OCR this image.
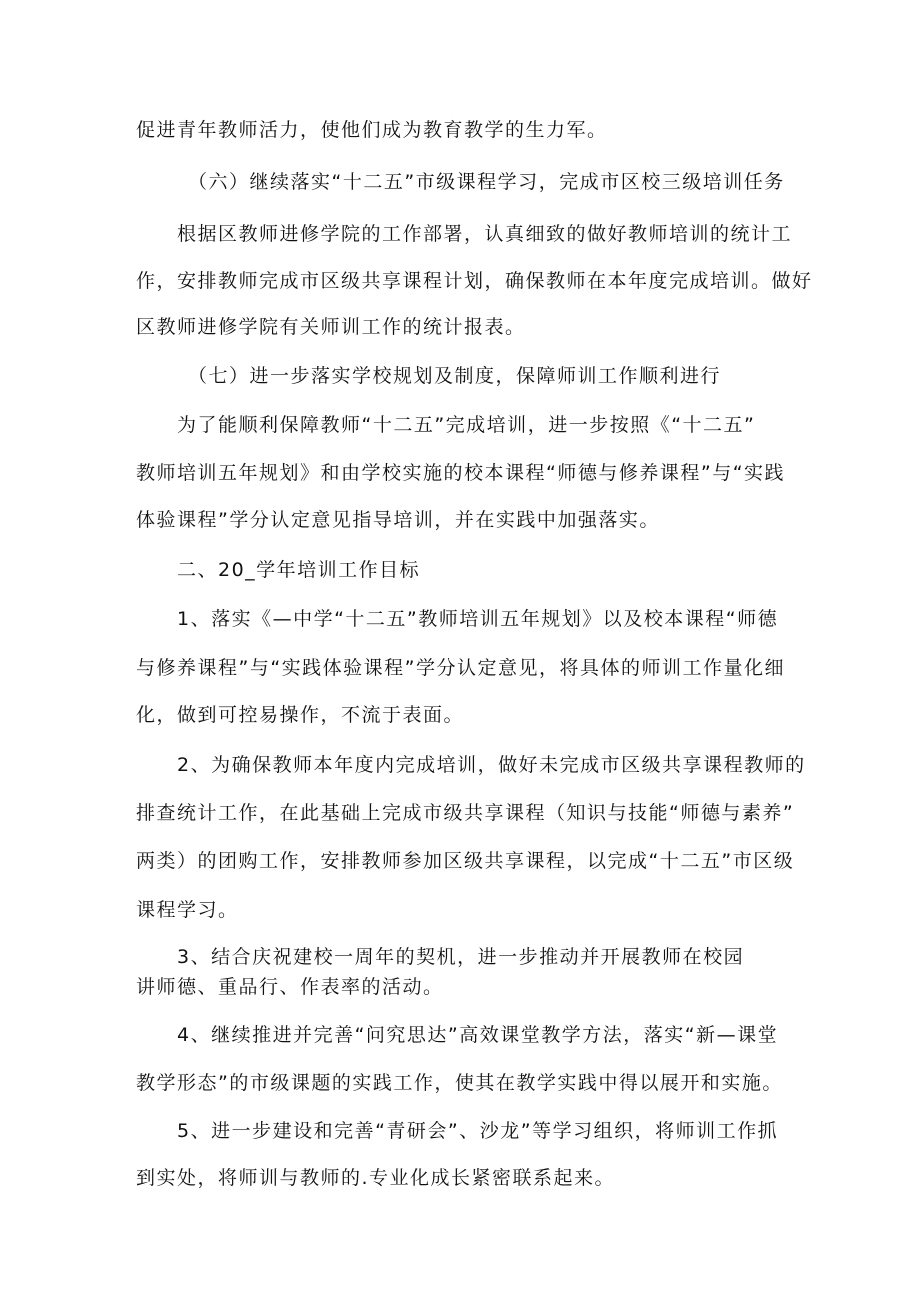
促进青年教师活力，使他们成为教育教学的生力军。
（六）继续落实“十二五”市级课程学习，完成市区校三级培训任务
根据区教师进修学院的工作部署，认真细致的做好教师培训的统计工
作，安排教师完成市区级共享课程计划，确保教师在本年度完成培训。做好
区教师进修学院有关师训工作的统计报表。
（七）进一步落实学校规划及制度，保障师训工作顺利进行
为了能顺利保障教师“十二五”完成培训，进一步按照《“十二五”
教师培训五年规划》和由学校实施的校本课程“师德与修养课程”与“实践
体验课程”学分认定意见指导培训，并在实践中加强落实。
二、20_学年培训工作目标
1、落实《—中学“十二五”教师培训五年规划》以及校本课程“师德
与修养课程”与“实践体验课程”学分认定意见，将具体的师训工作量化细
化，做到可控易操作，不流于表面。
2、为确保教师本年度内完成培训，做好未完成市区级共享课程教师的
排查统计工作，在此基础上完成市级共享课程（知识与技能“师德与素养”
两类）的团购工作，安排教师参加区级共享课程，以完成“十二五”市区级
课程学习。
3、结合庆祝建校一周年的契机，进一步推动并开展教师在校园
讲师德、重品行、作表率的活动。
4、继续推进并完善“问究思达”高效课堂教学方法，落实“新—课堂
教学形态”的市级课题的实践工作，使其在教学实践中得以展开和实施。
5、进一步建设和完善“青研会”、沙龙”等学习组织，将师训工作抓
到实处，将师训与教师的.专业化成长紧密联系起来。
